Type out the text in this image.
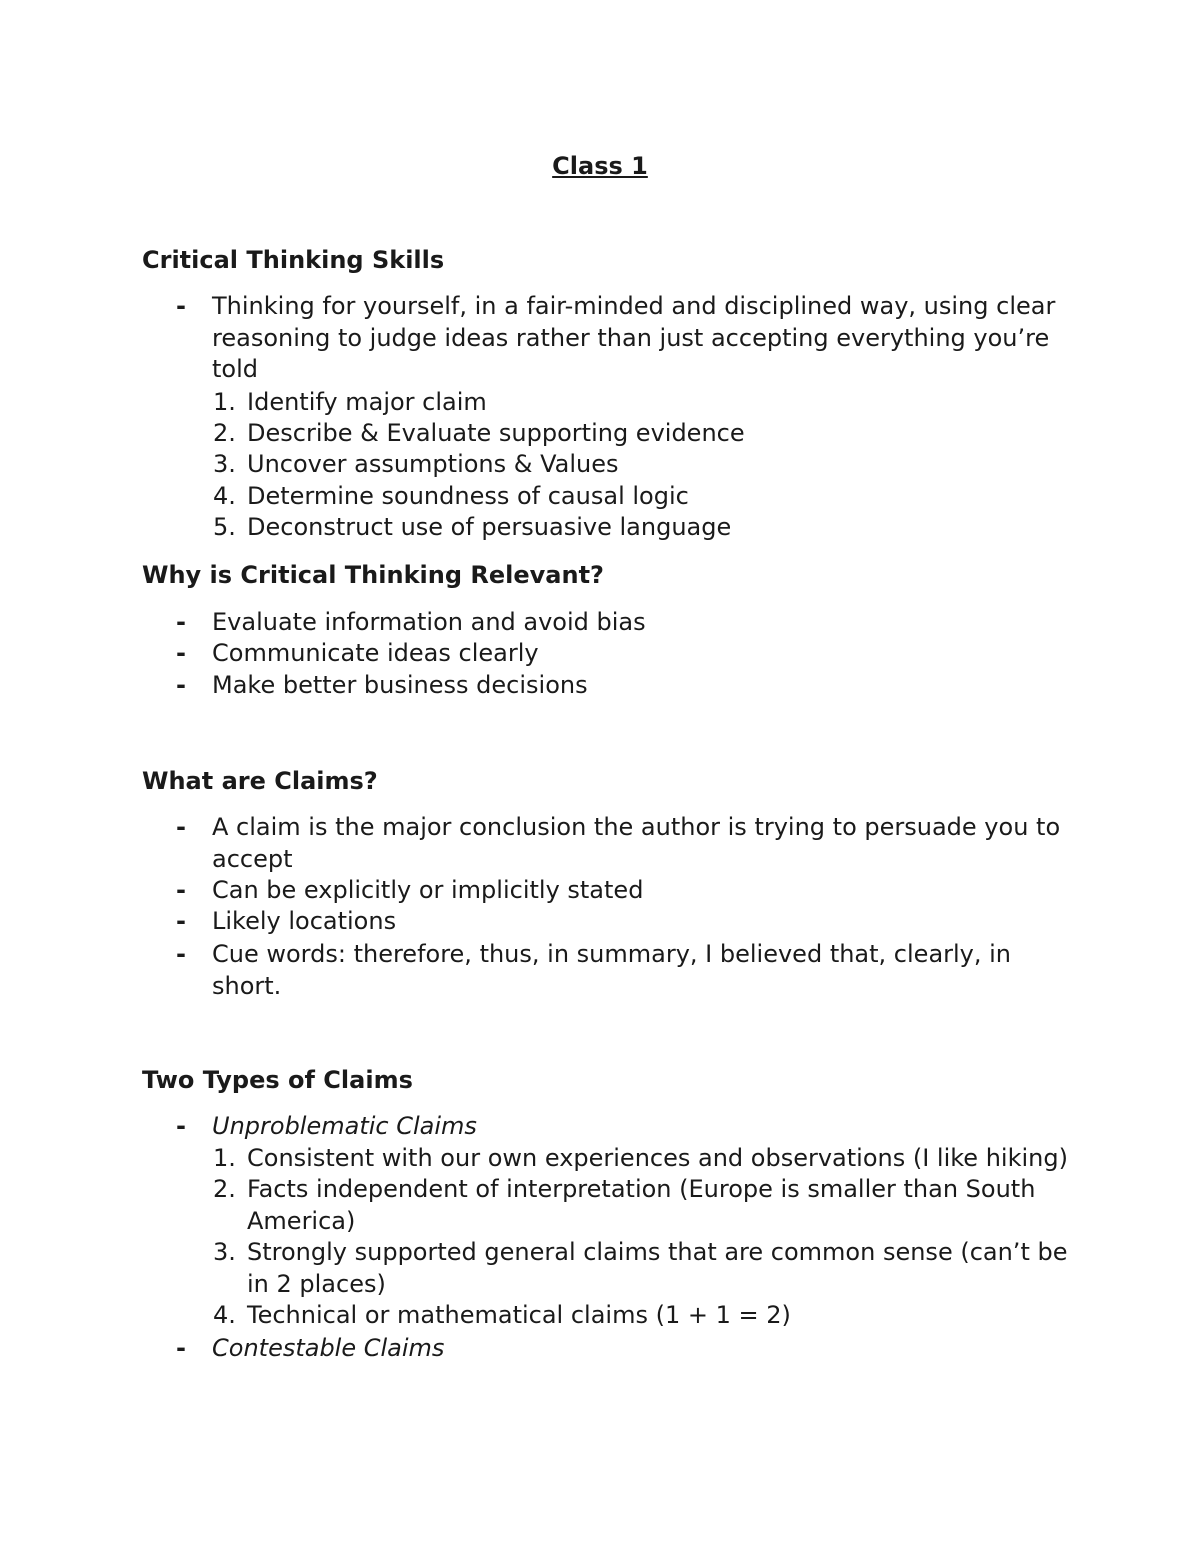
Class 1
Critical Thinking Skills
- Thinking for yourself, in a fair-minded and disciplined way, using clear reasoning to judge ideas rather than just accepting everything you’re told
1. Identify major claim
2. Describe & Evaluate supporting evidence
3. Uncover assumptions & Values
4. Determine soundness of causal logic
5. Deconstruct use of persuasive language
Why is Critical Thinking Relevant?
- Evaluate information and avoid bias
- Communicate ideas clearly
- Make better business decisions
What are Claims?
- A claim is the major conclusion the author is trying to persuade you to accept
- Can be explicitly or implicitly stated
- Likely locations
- Cue words: therefore, thus, in summary, I believed that, clearly, in short.
Two Types of Claims
- Unproblematic Claims
1. Consistent with our own experiences and observations (I like hiking)
2. Facts independent of interpretation (Europe is smaller than South America)
3. Strongly supported general claims that are common sense (can’t be in 2 places)
4. Technical or mathematical claims (1 + 1 = 2)
- Contestable Claims
